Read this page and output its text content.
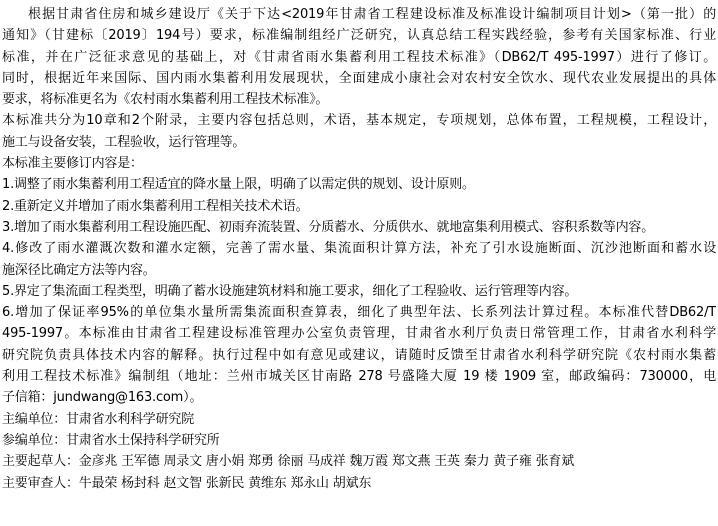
根据甘肃省住房和城乡建设厅《关于下达<2019年甘肃省工程建设标准及标准设计编制项目计划>（第一批）的
通知》（甘建标〔2019〕194号）要求，标准编制组经广泛研究，认真总结工程实践经验，参考有关国家标准、行业
标准，并在广泛征求意见的基础上，对《甘肃省雨水集蓄利用工程技术标准》（DB62/T 495-1997）进行了修订。
同时，根据近年来国际、国内雨水集蓄利用发展现状，全面建成小康社会对农村安全饮水、现代农业发展提出的具体
要求，将标准更名为《农村雨水集蓄利用工程技术标准》。
本标准共分为10章和2个附录，主要内容包括总则，术语，基本规定，专项规划，总体布置，工程规模，工程设计，
施工与设备安装，工程验收，运行管理等。
本标准主要修订内容是：
1.调整了雨水集蓄利用工程适宜的降水量上限，明确了以需定供的规划、设计原则。
2.重新定义并增加了雨水集蓄利用工程相关技术术语。
3.增加了雨水集蓄利用工程设施匹配、初雨弃流装置、分质蓄水、分质供水、就地富集利用模式、容积系数等内容。
4.修改了雨水灌溉次数和灌水定额，完善了需水量、集流面积计算方法，补充了引水设施断面、沉沙池断面和蓄水设
施深径比确定方法等内容。
5.界定了集流面工程类型，明确了蓄水设施建筑材料和施工要求，细化了工程验收、运行管理等内容。
6.增加了保证率95%的单位集水量所需集流面积查算表，细化了典型年法、长系列法计算过程。本标准代替DB62/T
495-1997。本标准由甘肃省工程建设标准管理办公室负责管理，甘肃省水利厅负责日常管理工作，甘肃省水利科学
研究院负责具体技术内容的解释。执行过程中如有意见或建议，请随时反馈至甘肃省水利科学研究院《农村雨水集蓄
利用工程技术标准》编制组（地址：兰州市城关区甘南路 278 号盛隆大厦 19 楼 1909 室，邮政编码：730000，电
子信箱：jundwang@163.com）。
主编单位：甘肃省水利科学研究院
参编单位：甘肃省水土保持科学研究所
主要起草人：金彦兆 王军德 周录文 唐小娟 郑勇 徐丽 马成祥 魏万霞 郑文燕 王英 秦力 黄子雍 张育斌
主要审查人：牛最荣 杨封科 赵文智 张新民 黄维东 郑永山 胡斌东
